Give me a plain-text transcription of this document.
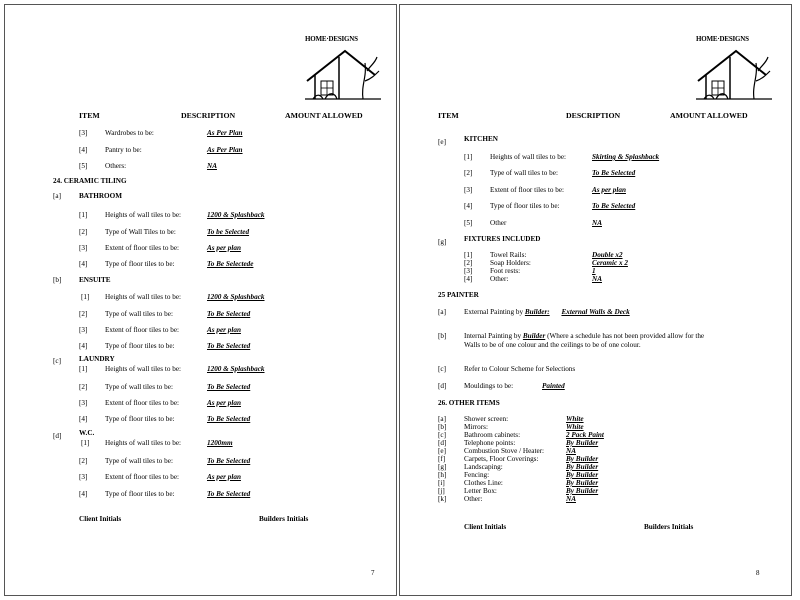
HOME·DESIGNS
ITEM	DESCRIPTION	AMOUNT ALLOWED
[3] Wardrobes to be:	As Per Plan
[4] Pantry to be:	As Per Plan
[5] Others:	NA
24. CERAMIC TILING
[a]	BATHROOM
[1] Heights of wall tiles to be:	1200 & Splashback
[2] Type of Wall Tiles to be:	To be Selected
[3] Extent of floor tiles to be:	As per plan
[4] Type of floor tiles to be:	To Be Selectede
[b] ENSUITE
[1] Heights of wall tiles to be:	1200 & Splashback
[2] Type of wall tiles to be:	To Be Selected
[3] Extent of floor tiles to be:	As per plan
[4] Type of floor tiles to be:	To Be Selected
[c]	LAUNDRY
[1] Heights of wall tiles to be:	1200 & Splashback
[2] Type of wall tiles to be:	To Be Selected
[3] Extent of floor tiles to be:	As per plan
[4] Type of floor tiles to be:	To Be Selected
[d] W.C.
[1] Heights of wall tiles to be:	1200mm
[2] Type of wall tiles to be:	To Be Selected
[3] Extent of floor tiles to be:	As per plan
[4] Type of floor tiles to be:	To Be Selected
Client Initials	Builders Initials
7
HOME·DESIGNS
ITEM	DESCRIPTION	AMOUNT ALLOWED
[e]	KITCHEN
[1] Heights of wall tiles to be:	Skirting & Splashback
[2] Type of wall tiles to be:	To Be Selected
[3] Extent of floor tiles to be:	As per plan
[4] Type of floor tiles to be:	To Be Selected
[5] Other	NA
[g] FIXTURES INCLUDED
[1] Towel Rails:	Double x2
[2] Soap Holders:	Ceramic x 2
[3] Foot rests:	1
[4] Other:	NA
25 PAINTER
[a]	External Painting by Builder: External Walls & Deck
[b] Internal Painting by Builder (Where a schedule has not been provided allow for the
Walls to be of one colour and the ceilings to be of one colour.
[c]	Refer to Colour Scheme for Selections
[d] Mouldings to be:	Painted
26. OTHER ITEMS
[a]	Shower screen:	White
[b] Mirrors:	White
[c]	Bathroom cabinets:	2 Pack Paint
[d] Telephone points:	By Builder
[e]	Combustion Stove / Heater:	NA
[f]	Carpets, Floor Coverings:	By Builder
[g] Landscaping:	By Builder
[h] Fencing:	By Builder
[i]	Clothes Line:	By Builder
[j]	Letter Box:	By Builder
[k] Other:	NA
Client Initials	Builders Initials
8
